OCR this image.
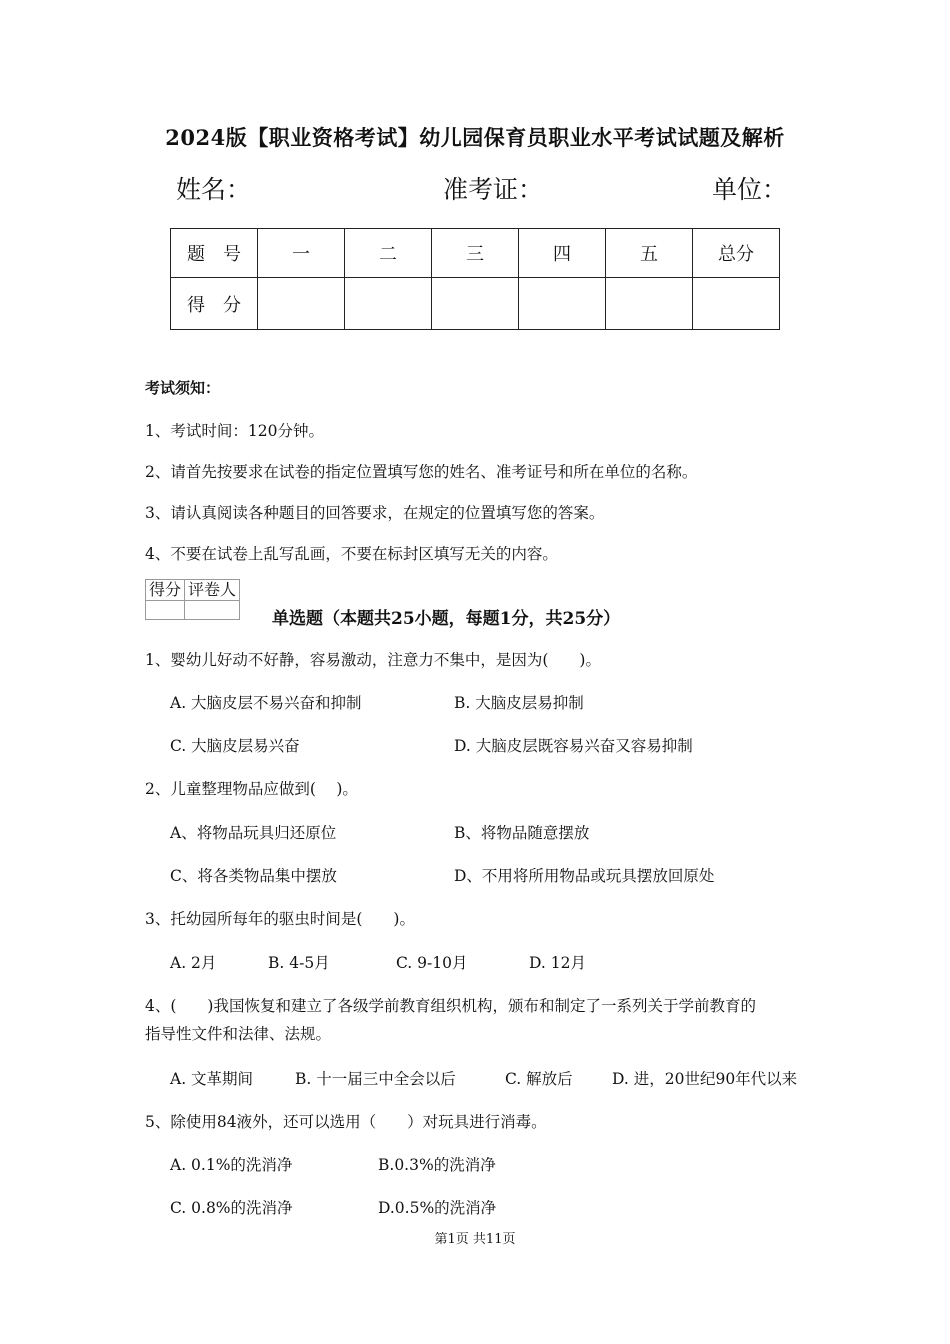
2024版【职业资格考试】幼儿园保育员职业水平考试试题及解析
姓名：	准考证：	单位：
题　号	一	二	三	四	五	总分
得　分						
考试须知：
1、考试时间：120分钟。
2、请首先按要求在试卷的指定位置填写您的姓名、准考证号和所在单位的名称。
3、请认真阅读各种题目的回答要求，在规定的位置填写您的答案。
4、不要在试卷上乱写乱画，不要在标封区填写无关的内容。
得分	评卷人

单选题（本题共25小题，每题1分，共25分）
1、婴幼儿好动不好静，容易激动，注意力不集中，是因为(　　)。
A. 大脑皮层不易兴奋和抑制	B. 大脑皮层易抑制
C. 大脑皮层易兴奋	D. 大脑皮层既容易兴奋又容易抑制
2、儿童整理物品应做到(　 )。
A、将物品玩具归还原位	B、将物品随意摆放
C、将各类物品集中摆放	D、不用将所用物品或玩具摆放回原处
3、托幼园所每年的驱虫时间是(　　)。
A. 2月	B. 4-5月	C. 9-10月	D. 12月
4、(　　)我国恢复和建立了各级学前教育组织机构，颁布和制定了一系列关于学前教育的
指导性文件和法律、法规。
A. 文革期间	B. 十一届三中全会以后	C. 解放后	D. 进，20世纪90年代以来
5、除使用84液外，还可以选用（　　）对玩具进行消毒。
A. 0.1%的洗消净	B.0.3%的洗消净
C. 0.8%的洗消净	D.0.5%的洗消净
第1页 共11页
